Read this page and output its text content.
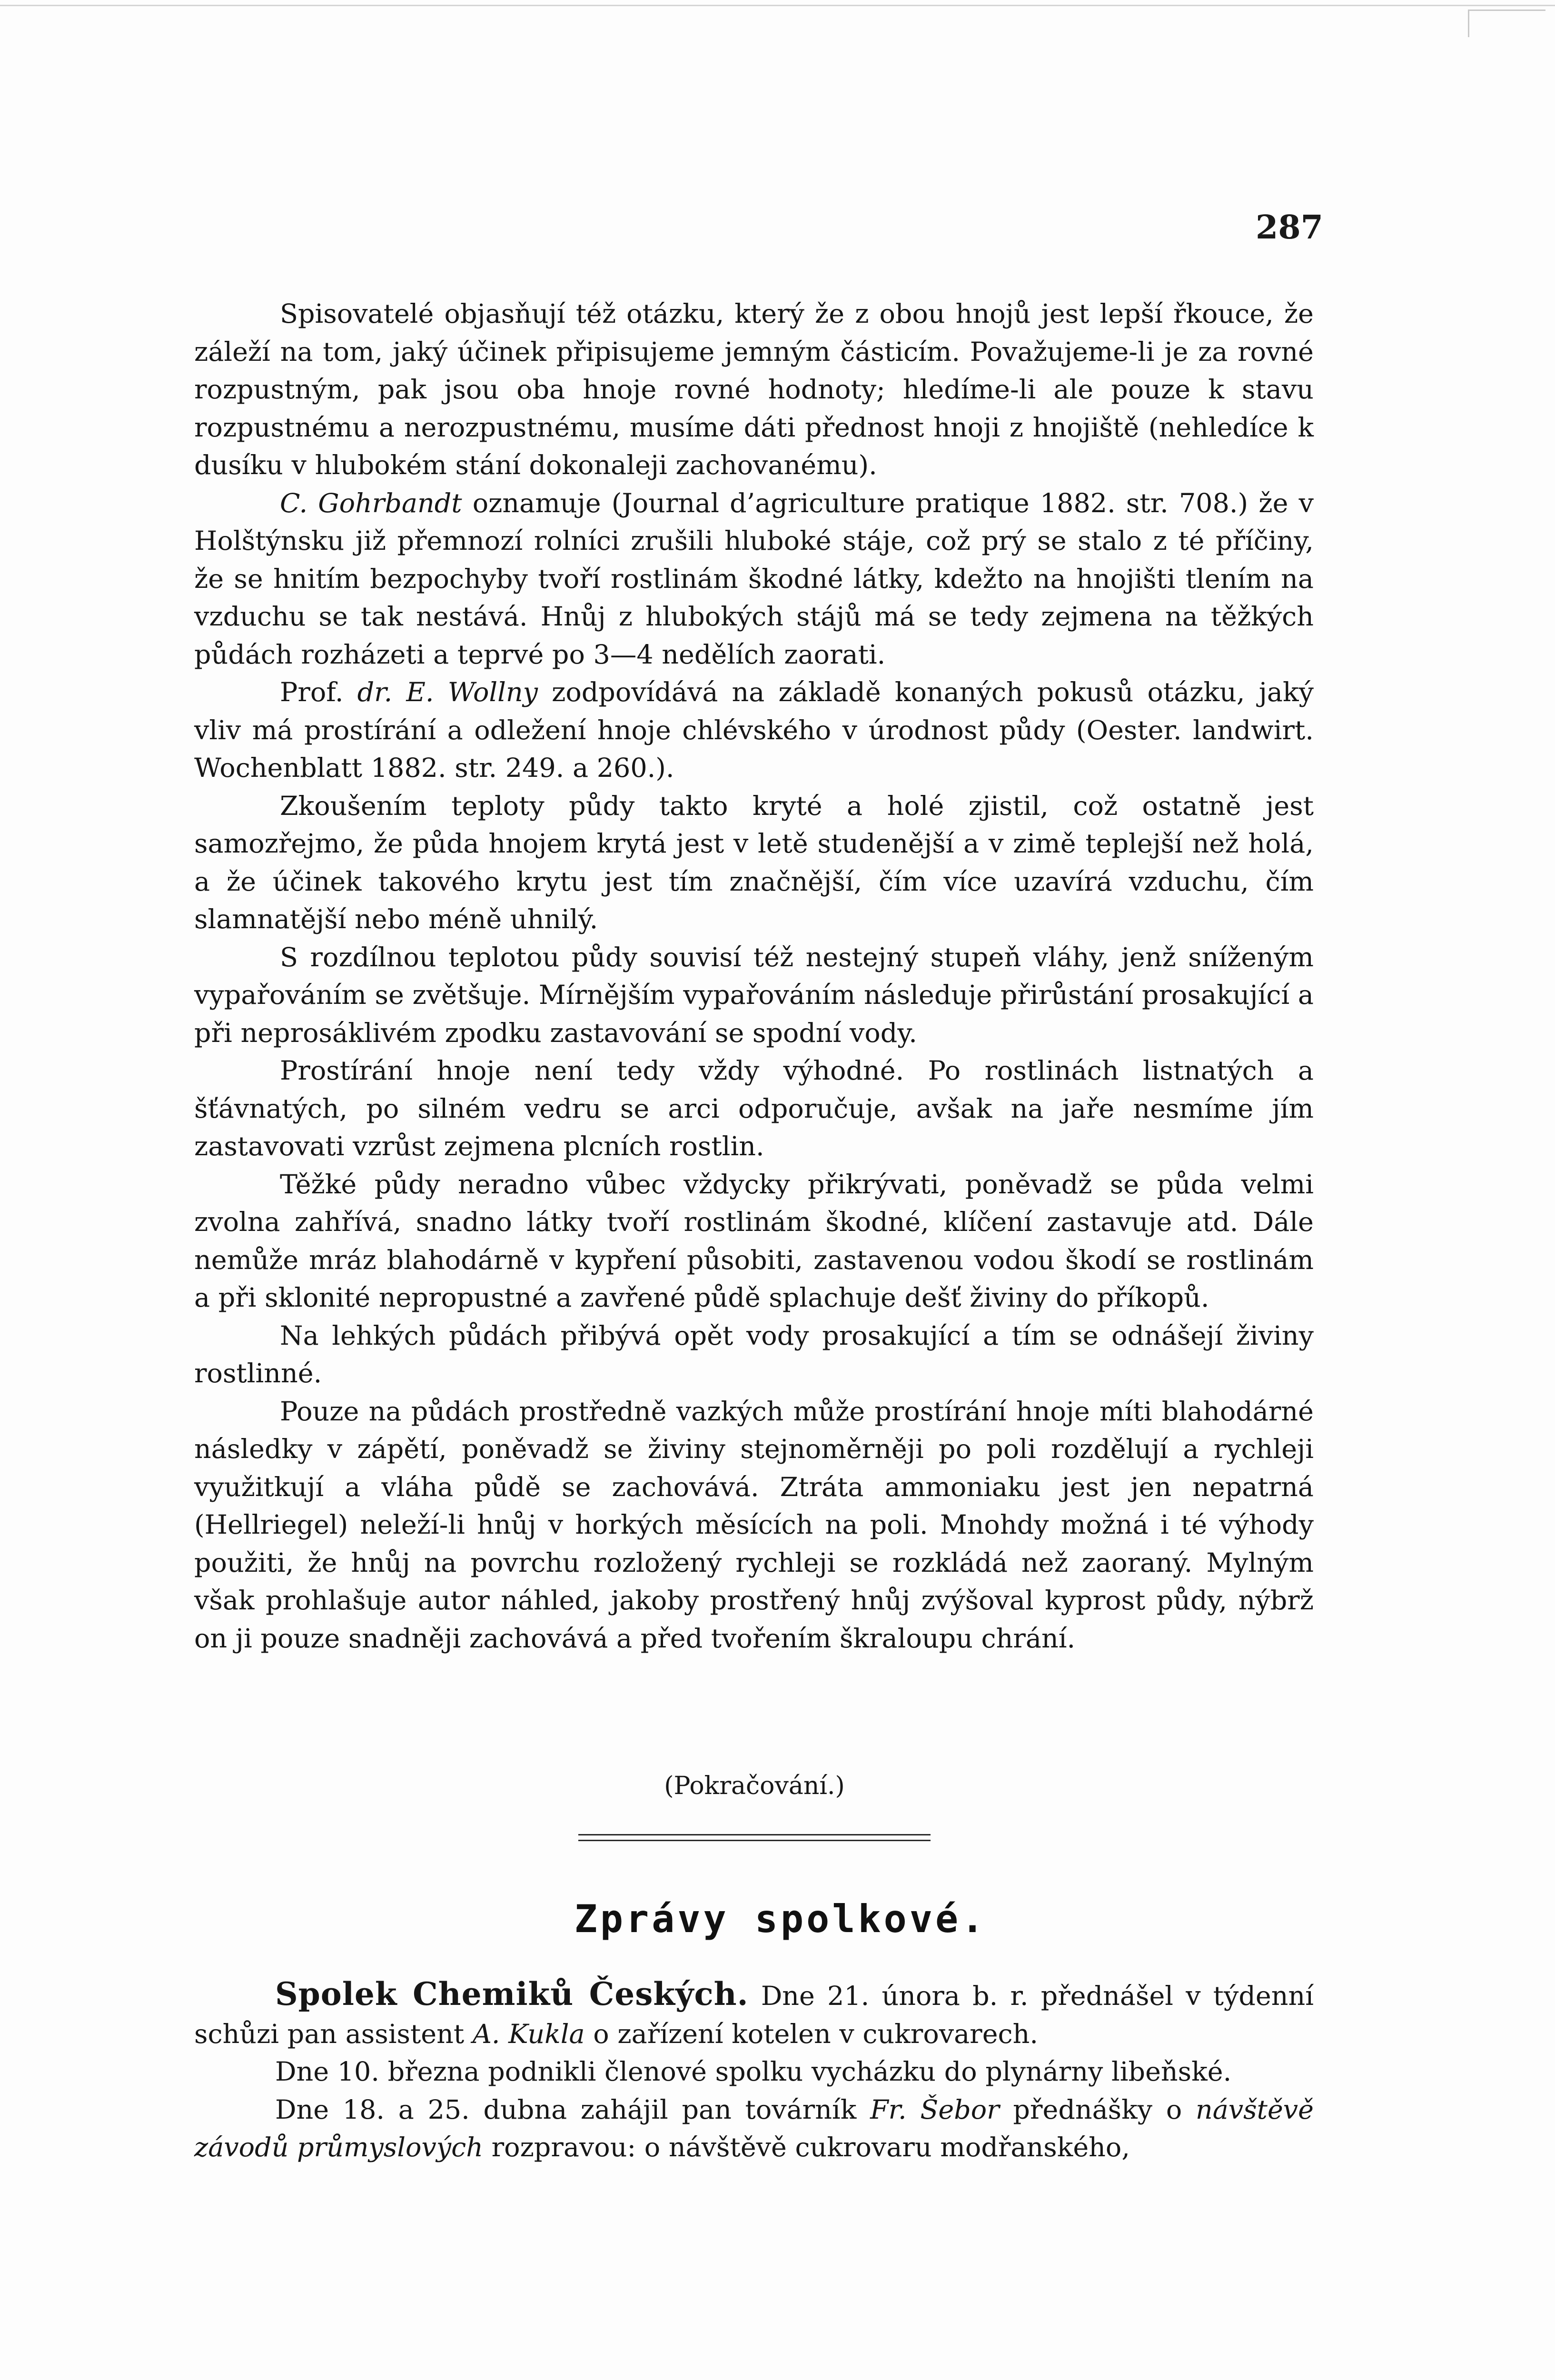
287

Spisovatelé objasňují též otázku, který že z obou hnojů jest lepší řkouce, že záleží na tom, jaký účinek připisujeme jemným částicím. Považujeme-li je za rovné rozpustným, pak jsou oba hnoje rovné hodnoty; hledíme-li ale pouze k stavu rozpustnému a nerozpustnému, musíme dáti přednost hnoji z hnojiště (nehledíce k dusíku v hlubokém stání dokonaleji zachovanému).

C. Gohrbandt oznamuje (Journal d’agriculture pratique 1882. str. 708.) že v Holštýnsku již přemnozí rolníci zrušili hluboké stáje, což prý se stalo z té příčiny, že se hnitím bezpochyby tvoří rostlinám škodné látky, kdežto na hnojišti tlením na vzduchu se tak nestává. Hnůj z hlubokých stájů má se tedy zejmena na těžkých půdách rozházeti a teprvé po 3—4 nedělích zaorati.

Prof. dr. E. Wollny zodpovídává na základě konaných pokusů otázku, jaký vliv má prostírání a odležení hnoje chlévského v úrodnost půdy (Oester. landwirt. Wochenblatt 1882. str. 249. a 260.).

Zkoušením teploty půdy takto kryté a holé zjistil, což ostatně jest samozřejmo, že půda hnojem krytá jest v letě studenější a v zimě teplejší než holá, a že účinek takového krytu jest tím značnější, čím více uzavírá vzduchu, čím slamnatější nebo méně uhnilý.

S rozdílnou teplotou půdy souvisí též nestejný stupeň vláhy, jenž sníženým vypařováním se zvětšuje. Mírnějším vypařováním následuje přirůstání prosakující a při neprosáklivém zpodku zastavování se spodní vody.

Prostírání hnoje není tedy vždy výhodné. Po rostlinách listnatých a šťávnatých, po silném vedru se arci odporučuje, avšak na jaře nesmíme jím zastavovati vzrůst zejmena plcních rostlin.

Těžké půdy neradno vůbec vždycky přikrývati, poněvadž se půda velmi zvolna zahřívá, snadno látky tvoří rostlinám škodné, klíčení zastavuje atd. Dále nemůže mráz blahodárně v kypření působiti, zastavenou vodou škodí se rostlinám a při sklonité nepropustné a zavřené půdě splachuje dešť živiny do příkopů.

Na lehkých půdách přibývá opět vody prosakující a tím se odnášejí živiny rostlinné.

Pouze na půdách prostředně vazkých může prostírání hnoje míti blahodárné následky v zápětí, poněvadž se živiny stejnoměrněji po poli rozdělují a rychleji využitkují a vláha půdě se zachovává. Ztráta ammoniaku jest jen nepatrná (Hellriegel) neleží-li hnůj v horkých měsících na poli. Mnohdy možná i té výhody použiti, že hnůj na povrchu rozložený rychleji se rozkládá než zaoraný. Mylným však prohlašuje autor náhled, jakoby prostřený hnůj zvýšoval kyprost půdy, nýbrž on ji pouze snadněji zachovává a před tvořením škraloupu chrání.

(Pokračování.)
Zprávy spolkové.

Spolek Chemiků Českých. Dne 21. února b. r. přednášel v týdenní schůzi pan assistent A. Kukla o zařízení kotelen v cukrovarech.

Dne 10. března podnikli členové spolku vycházku do plynárny libeňské.

Dne 18. a 25. dubna zahájil pan továrník Fr. Šebor přednášky o návštěvě závodů průmyslových rozpravou: o návštěvě cukrovaru modřanského,
